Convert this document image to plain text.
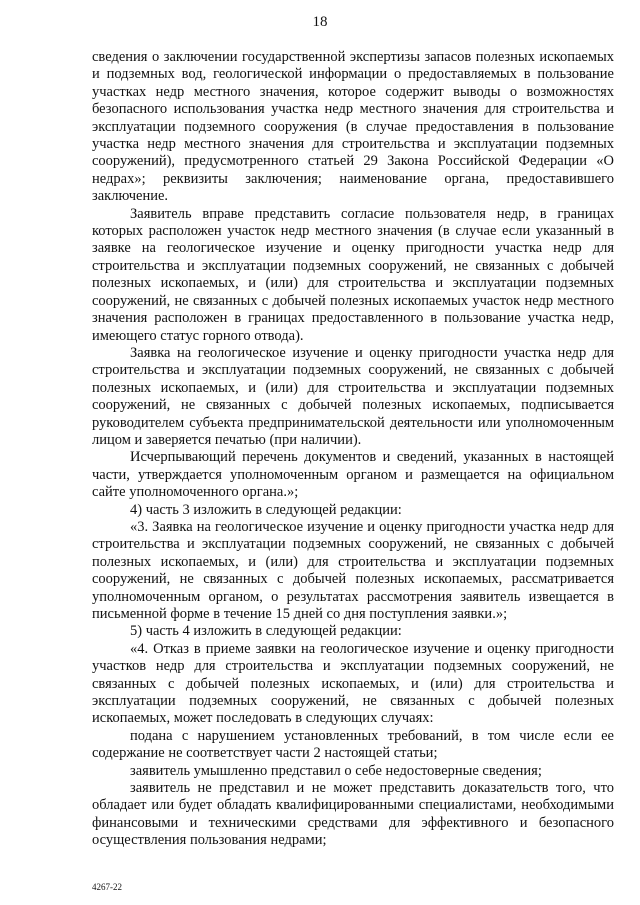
18

сведения о заключении государственной экспертизы запасов полезных ископаемых и подземных вод, геологической информации о предоставляемых в пользование участках недр местного значения, которое содержит выводы о возможностях безопасного использования участка недр местного значения для строительства и эксплуатации подземного сооружения (в случае предоставления в пользование участка недр местного значения для строительства и эксплуатации подземных сооружений), предусмотренного статьей 29 Закона Российской Федерации «О недрах»; реквизиты заключения; наименование органа, предоставившего заключение.

Заявитель вправе представить согласие пользователя недр, в границах которых расположен участок недр местного значения (в случае если указанный в заявке на геологическое изучение и оценку пригодности участка недр для строительства и эксплуатации подземных сооружений, не связанных с добычей полезных ископаемых, и (или) для строительства и эксплуатации подземных сооружений, не связанных с добычей полезных ископаемых участок недр местного значения расположен в границах предоставленного в пользование участка недр, имеющего статус горного отвода).

Заявка на геологическое изучение и оценку пригодности участка недр для строительства и эксплуатации подземных сооружений, не связанных с добычей полезных ископаемых, и (или) для строительства и эксплуатации подземных сооружений, не связанных с добычей полезных ископаемых, подписывается руководителем субъекта предпринимательской деятельности или уполномоченным лицом и заверяется печатью (при наличии).

Исчерпывающий перечень документов и сведений, указанных в настоящей части, утверждается уполномоченным органом и размещается на официальном сайте уполномоченного органа.»;

4) часть 3 изложить в следующей редакции:

«3. Заявка на геологическое изучение и оценку пригодности участка недр для строительства и эксплуатации подземных сооружений, не связанных с добычей полезных ископаемых, и (или) для строительства и эксплуатации подземных сооружений, не связанных с добычей полезных ископаемых, рассматривается уполномоченным органом, о результатах рассмотрения заявитель извещается в письменной форме в течение 15 дней со дня поступления заявки.»;

5) часть 4 изложить в следующей редакции:

«4. Отказ в приеме заявки на геологическое изучение и оценку пригодности участков недр для строительства и эксплуатации подземных сооружений, не связанных с добычей полезных ископаемых, и (или) для строительства и эксплуатации подземных сооружений, не связанных с добычей полезных ископаемых, может последовать в следующих случаях:

подана с нарушением установленных требований, в том числе если ее содержание не соответствует части 2 настоящей статьи;

заявитель умышленно представил о себе недостоверные сведения;

заявитель не представил и не может представить доказательств того, что обладает или будет обладать квалифицированными специалистами, необходимыми финансовыми и техническими средствами для эффективного и безопасного осуществления пользования недрами;

4267-22
